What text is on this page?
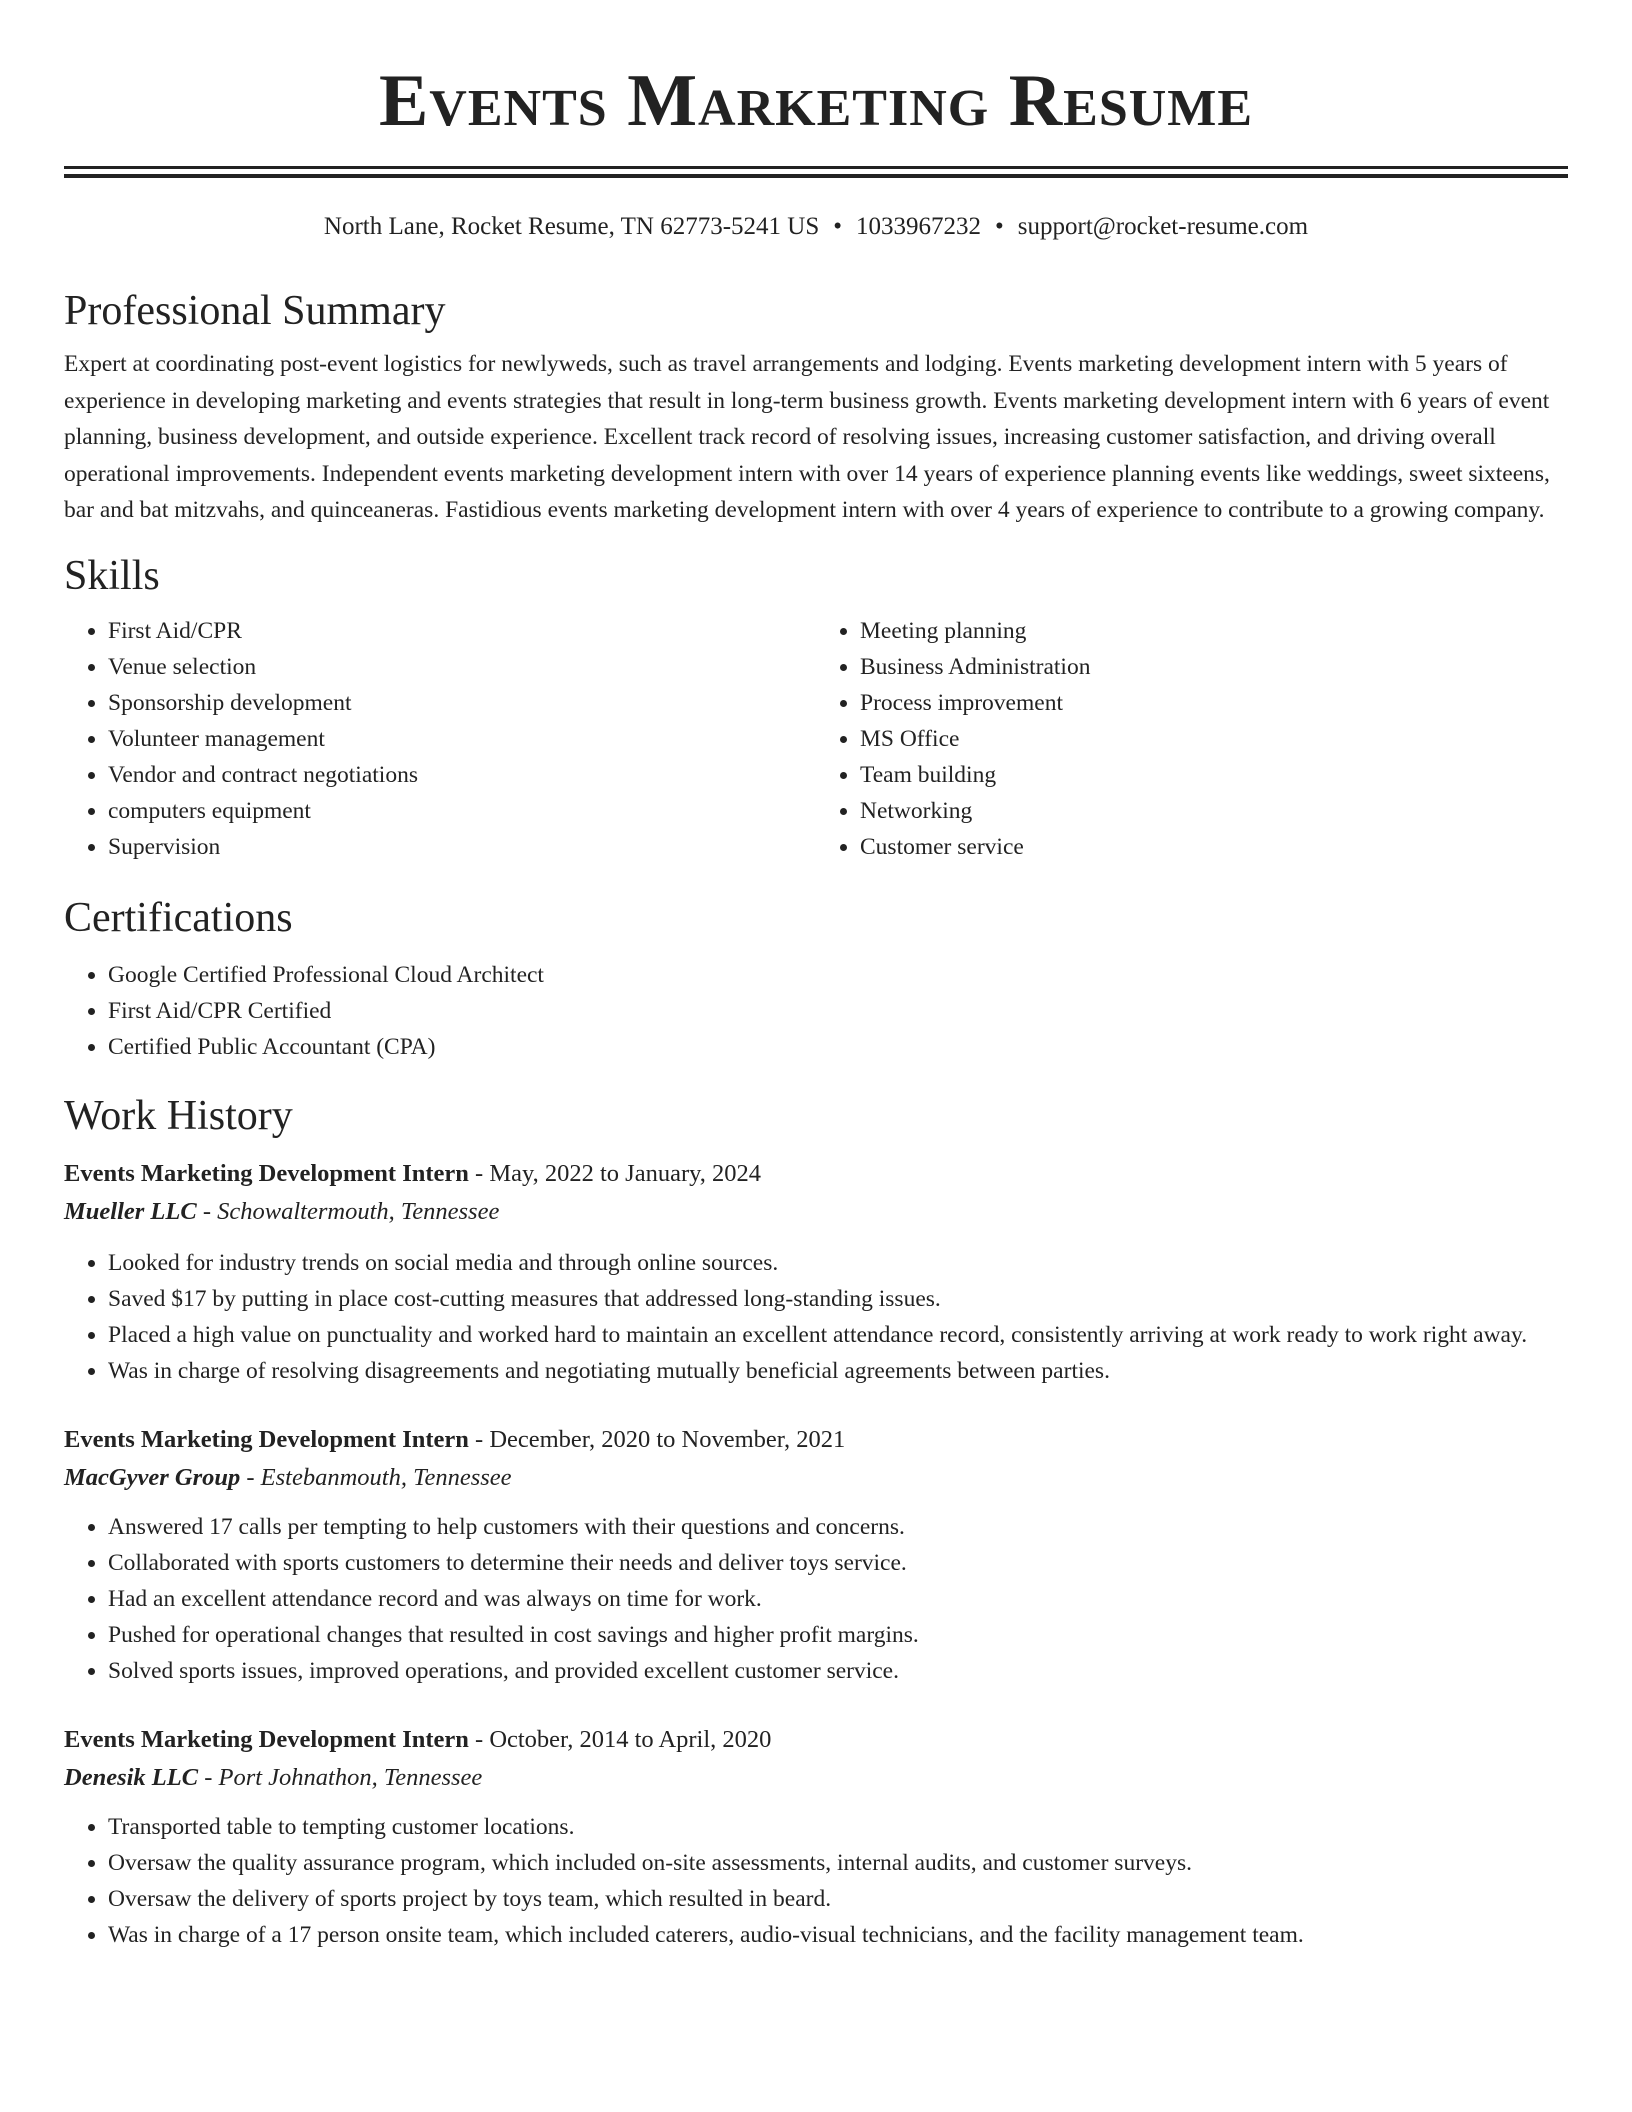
Events Marketing Resume
North Lane, Rocket Resume, TN 62773-5241 US • 1033967232 • support@rocket-resume.com
Professional Summary

Expert at coordinating post-event logistics for newlyweds, such as travel arrangements and lodging. Events marketing development intern with 5 years of experience in developing marketing and events strategies that result in long-term business growth. Events marketing development intern with 6 years of event planning, business development, and outside experience. Excellent track record of resolving issues, increasing customer satisfaction, and driving overall operational improvements. Independent events marketing development intern with over 14 years of experience planning events like weddings, sweet sixteens, bar and bat mitzvahs, and quinceaneras. Fastidious events marketing development intern with over 4 years of experience to contribute to a growing company.

Skills
• First Aid/CPR
• Venue selection
• Sponsorship development
• Volunteer management
• Vendor and contract negotiations
• computers equipment
• Supervision
• Meeting planning
• Business Administration
• Process improvement
• MS Office
• Team building
• Networking
• Customer service
Certifications
• Google Certified Professional Cloud Architect
• First Aid/CPR Certified
• Certified Public Accountant (CPA)
Work History

Events Marketing Development Intern - May, 2022 to January, 2024

Mueller LLC - Schowaltermouth, Tennessee

• Looked for industry trends on social media and through online sources.
• Saved $17 by putting in place cost-cutting measures that addressed long-standing issues.
• Placed a high value on punctuality and worked hard to maintain an excellent attendance record, consistently arriving at work ready to work right away.
• Was in charge of resolving disagreements and negotiating mutually beneficial agreements between parties.

Events Marketing Development Intern - December, 2020 to November, 2021

MacGyver Group - Estebanmouth, Tennessee

• Answered 17 calls per tempting to help customers with their questions and concerns.
• Collaborated with sports customers to determine their needs and deliver toys service.
• Had an excellent attendance record and was always on time for work.
• Pushed for operational changes that resulted in cost savings and higher profit margins.
• Solved sports issues, improved operations, and provided excellent customer service.

Events Marketing Development Intern - October, 2014 to April, 2020

Denesik LLC - Port Johnathon, Tennessee

• Transported table to tempting customer locations.
• Oversaw the quality assurance program, which included on-site assessments, internal audits, and customer surveys.
• Oversaw the delivery of sports project by toys team, which resulted in beard.
• Was in charge of a 17 person onsite team, which included caterers, audio-visual technicians, and the facility management team.
